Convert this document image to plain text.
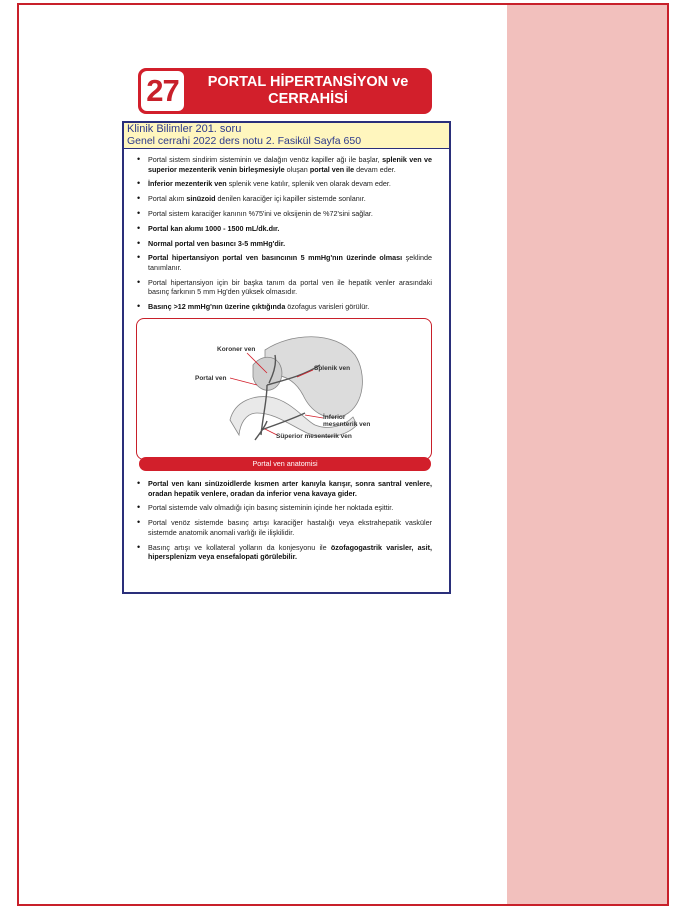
27	PORTAL HİPERTANSİYON ve
CERRAHİSİ
Klinik Bilimler 201. soru
Genel cerrahi 2022 ders notu 2. Fasikül Sayfa 650
• Portal sistem sindirim sisteminin ve dalağın venöz kapiller ağı ile başlar, splenik ven ve superior mezenterik venin birleşmesiyle oluşan portal ven ile devam eder.
• İnferior mezenterik ven splenik vene katılır, splenik ven olarak devam eder.
• Portal akım sinüzoid denilen karaciğer içi kapiller sistemde sonlanır.
• Portal sistem karaciğer kanının %75'ini ve oksijenin de %72'sini sağlar.
• Portal kan akımı 1000 - 1500 mL/dk.dır.
• Normal portal ven basıncı 3-5 mmHg'dir.
• Portal hipertansiyon portal ven basıncının 5 mmHg'nın üzerinde olması şeklinde tanımlanır.
• Portal hipertansiyon için bir başka tanım da portal ven ile hepatik venler arasındaki basınç farkının 5 mm Hg'den yüksek olmasıdır.
• Basınç >12 mmHg'nın üzerine çıktığında özofagus varisleri görülür.
Koroner ven
Portal ven
Splenik ven
İnferior
mesenterik ven
Süperior mesenterik ven
Portal ven anatomisi
• Portal ven kanı sinüzoidlerde kısmen arter kanıyla karışır, sonra santral venlere, oradan hepatik venlere, oradan da inferior vena kavaya gider.
• Portal sistemde valv olmadığı için basınç sisteminin içinde her noktada eşittir.
• Portal venöz sistemde basınç artışı karaciğer hastalığı veya ekstrahepatik vasküler sistemde anatomik anomali varlığı ile ilişkilidir.
• Basınç artışı ve kollateral yolların da konjesyonu ile özofagogastrik varisler, asit, hipersplenizm veya ensefalopati görülebilir.
